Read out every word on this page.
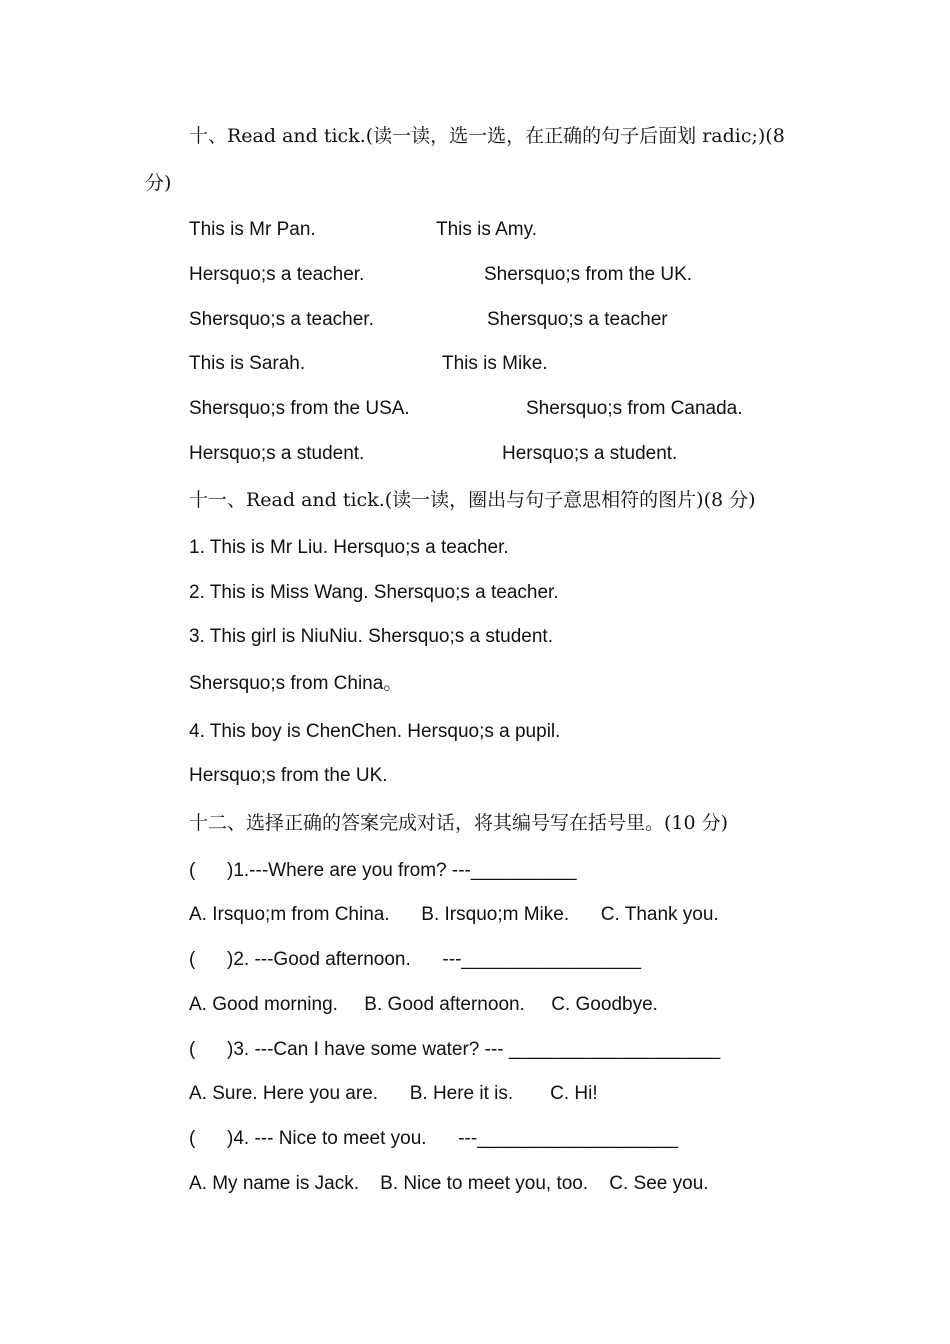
十、Read and tick.(读一读，选一选，在正确的句子后面划 radic;)(8
分)
This is Mr Pan.	This is Amy.
Hersquo;s a teacher.	Shersquo;s from the UK.
Shersquo;s a teacher.	Shersquo;s a teacher
This is Sarah.	This is Mike.
Shersquo;s from the USA.	Shersquo;s from Canada.
Hersquo;s a student.	Hersquo;s a student.
十一、Read and tick.(读一读，圈出与句子意思相符的图片)(8 分)
1. This is Mr Liu. Hersquo;s a teacher.
2. This is Miss Wang. Shersquo;s a teacher.
3. This girl is NiuNiu. Shersquo;s a student.
Shersquo;s from China。
4. This boy is ChenChen. Hersquo;s a pupil.
Hersquo;s from the UK.
十二、选择正确的答案完成对话，将其编号写在括号里。(10 分)
(      )1.---Where are you from? ---__________
A. Irsquo;m from China.      B. Irsquo;m Mike.      C. Thank you.
(      )2. ---Good afternoon.      ---_________________
A. Good morning.     B. Good afternoon.     C. Goodbye.
(      )3. ---Can I have some water? --- ____________________
A. Sure. Here you are.      B. Here it is.       C. Hi!
(      )4. --- Nice to meet you.      ---___________________
A. My name is Jack.    B. Nice to meet you, too.    C. See you.
